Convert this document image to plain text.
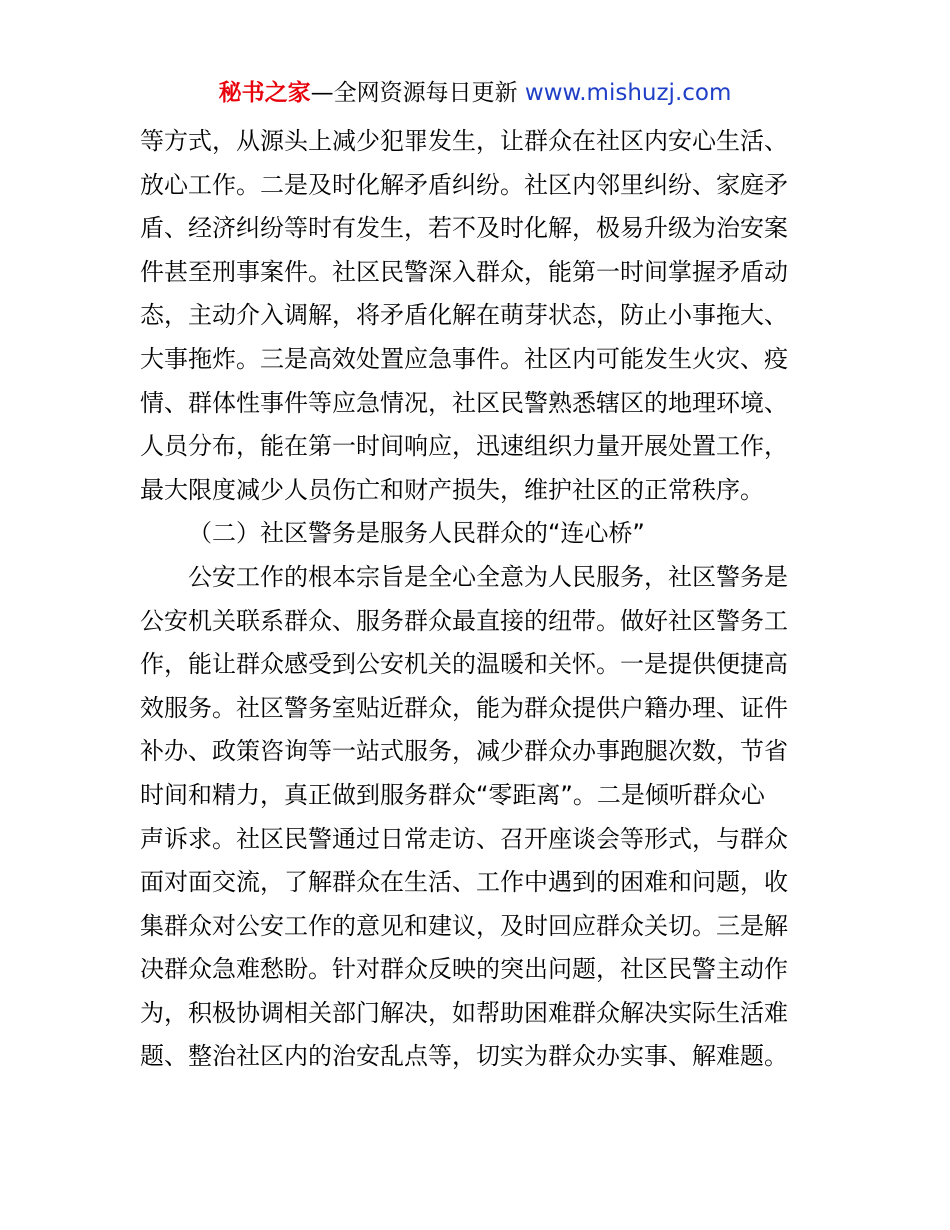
秘书之家—全网资源每日更新 www.mishuzj.com
等方式，从源头上减少犯罪发生，让群众在社区内安心生活、
放心工作。二是及时化解矛盾纠纷。社区内邻里纠纷、家庭矛
盾、经济纠纷等时有发生，若不及时化解，极易升级为治安案
件甚至刑事案件。社区民警深入群众，能第一时间掌握矛盾动
态，主动介入调解，将矛盾化解在萌芽状态，防止小事拖大、
大事拖炸。三是高效处置应急事件。社区内可能发生火灾、疫
情、群体性事件等应急情况，社区民警熟悉辖区的地理环境、
人员分布，能在第一时间响应，迅速组织力量开展处置工作，
最大限度减少人员伤亡和财产损失，维护社区的正常秩序。
（二）社区警务是服务人民群众的“连心桥”
公安工作的根本宗旨是全心全意为人民服务，社区警务是
公安机关联系群众、服务群众最直接的纽带。做好社区警务工
作，能让群众感受到公安机关的温暖和关怀。一是提供便捷高
效服务。社区警务室贴近群众，能为群众提供户籍办理、证件
补办、政策咨询等一站式服务，减少群众办事跑腿次数，节省
时间和精力，真正做到服务群众“零距离”。二是倾听群众心
声诉求。社区民警通过日常走访、召开座谈会等形式，与群众
面对面交流，了解群众在生活、工作中遇到的困难和问题，收
集群众对公安工作的意见和建议，及时回应群众关切。三是解
决群众急难愁盼。针对群众反映的突出问题，社区民警主动作
为，积极协调相关部门解决，如帮助困难群众解决实际生活难
题、整治社区内的治安乱点等，切实为群众办实事、解难题。
